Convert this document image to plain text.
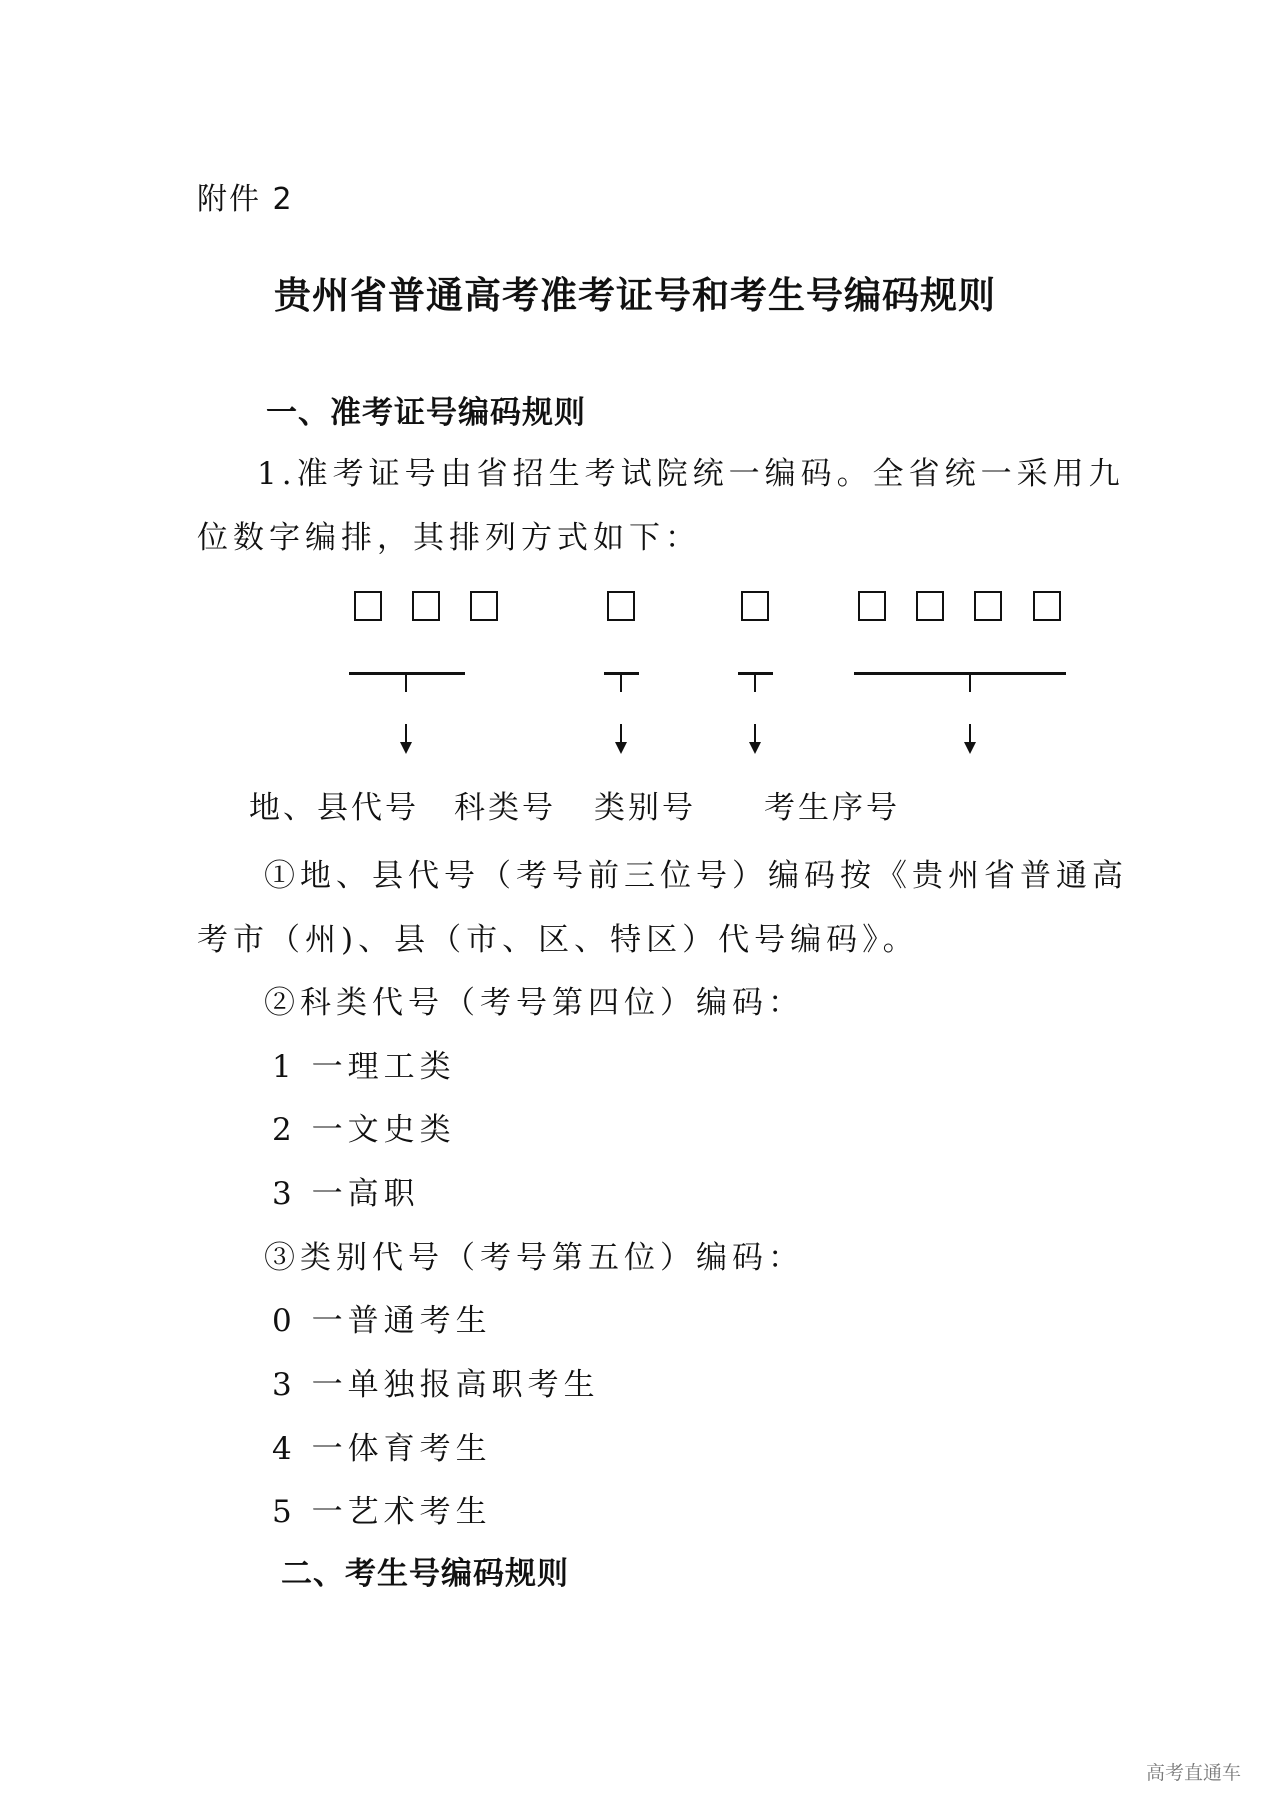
附件 2
贵州省普通高考准考证号和考生号编码规则
一、准考证号编码规则
1.准考证号由省招生考试院统一编码。全省统一采用九
位数字编排，其排列方式如下：
地、县代号 科类号 类别号 考生序号
①地、县代号（考号前三位号）编码按《贵州省普通高
考市（州)、县（市、区、特区）代号编码》。
②科类代号（考号第四位）编码：
1 一理工类
2 一文史类
3 一高职
③类别代号（考号第五位）编码：
0 一普通考生
3 一单独报高职考生
4 一体育考生
5 一艺术考生
二、考生号编码规则
高考直通车
